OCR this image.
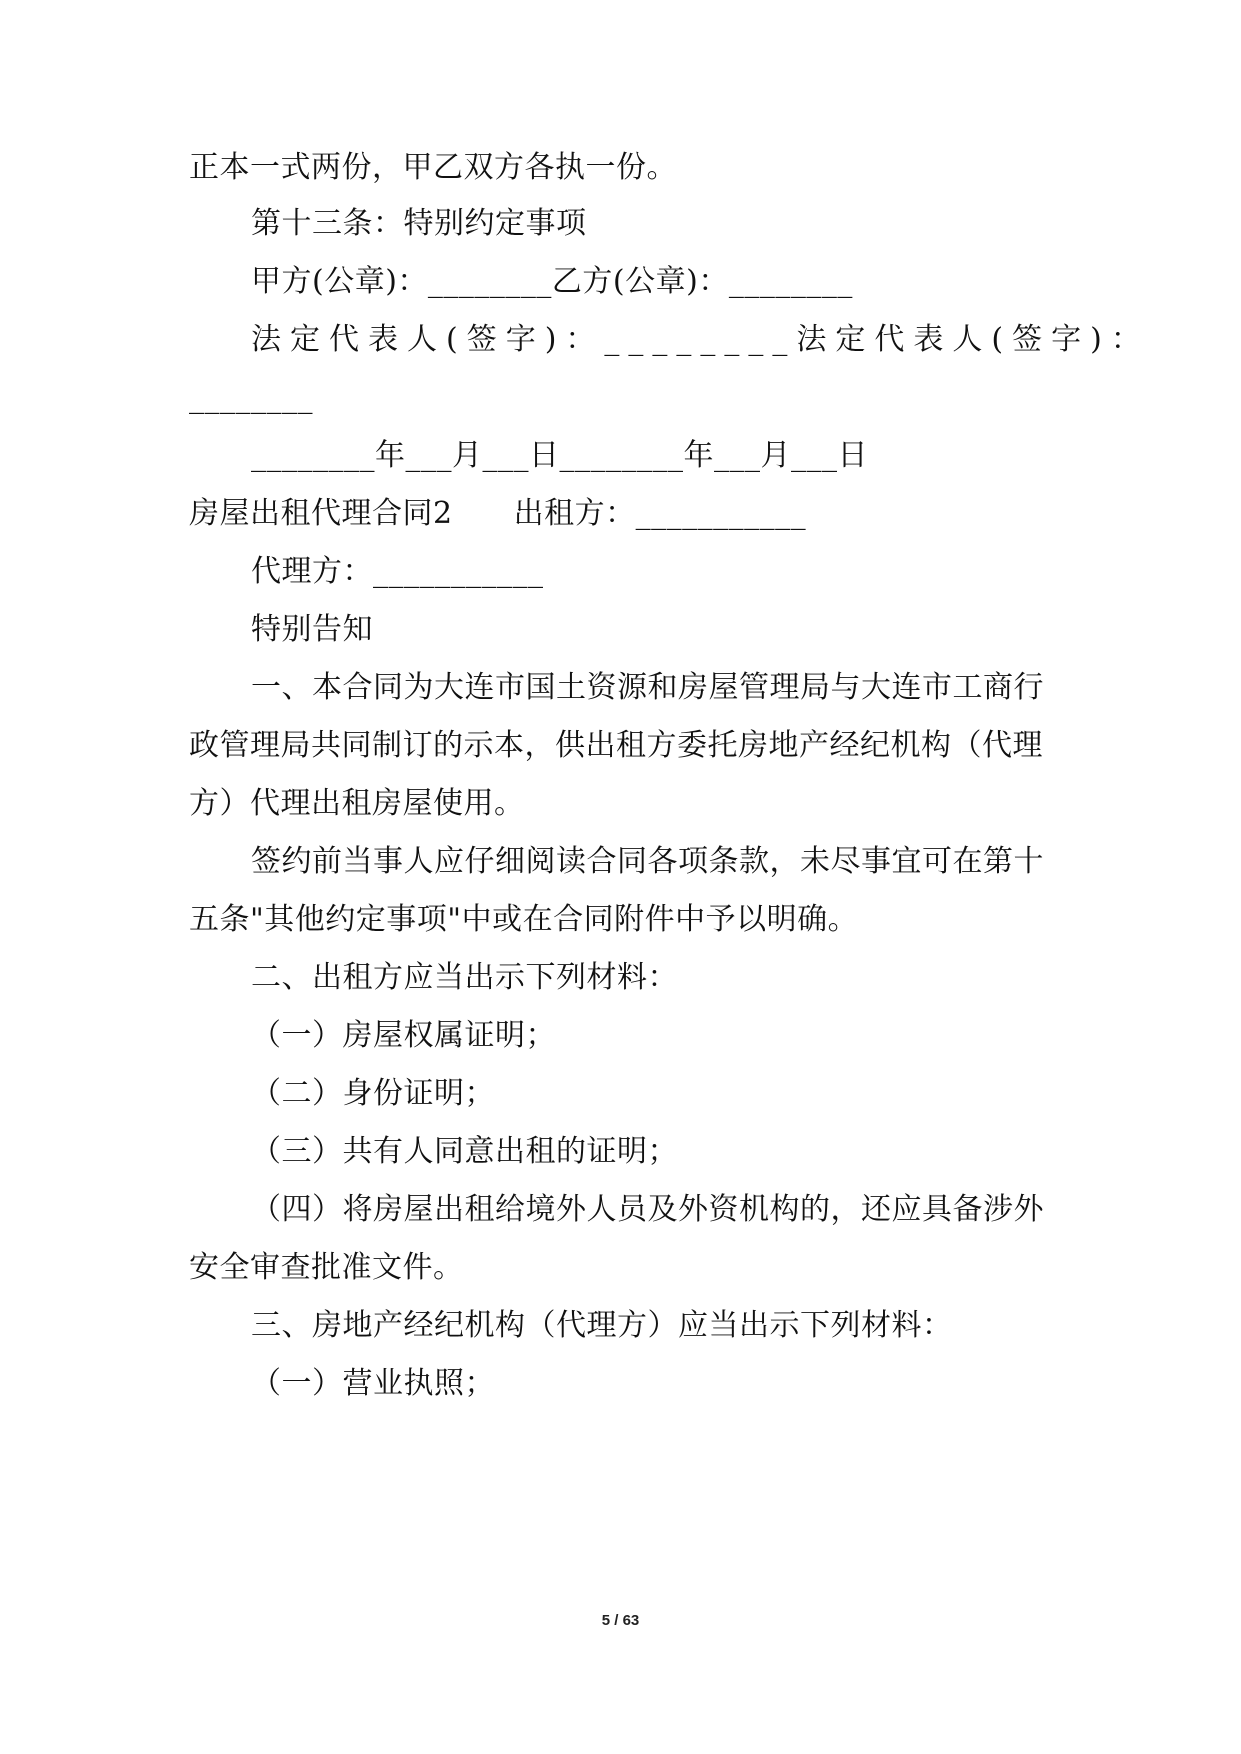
正本一式两份，甲乙双方各执一份。
第十三条：特别约定事项
甲方(公章)：________乙方(公章)：________
法定代表人(签字)：________法定代表人(签字)：
________
________年___月___日________年___月___日
房屋出租代理合同2　　出租方：___________
代理方：___________
特别告知
一、本合同为大连市国土资源和房屋管理局与大连市工商行
政管理局共同制订的示本，供出租方委托房地产经纪机构（代理
方）代理出租房屋使用。
签约前当事人应仔细阅读合同各项条款，未尽事宜可在第十
五条"其他约定事项"中或在合同附件中予以明确。
二、出租方应当出示下列材料：
（一）房屋权属证明；
（二）身份证明；
（三）共有人同意出租的证明；
（四）将房屋出租给境外人员及外资机构的，还应具备涉外
安全审查批准文件。
三、房地产经纪机构（代理方）应当出示下列材料：
（一）营业执照；
5 / 63
